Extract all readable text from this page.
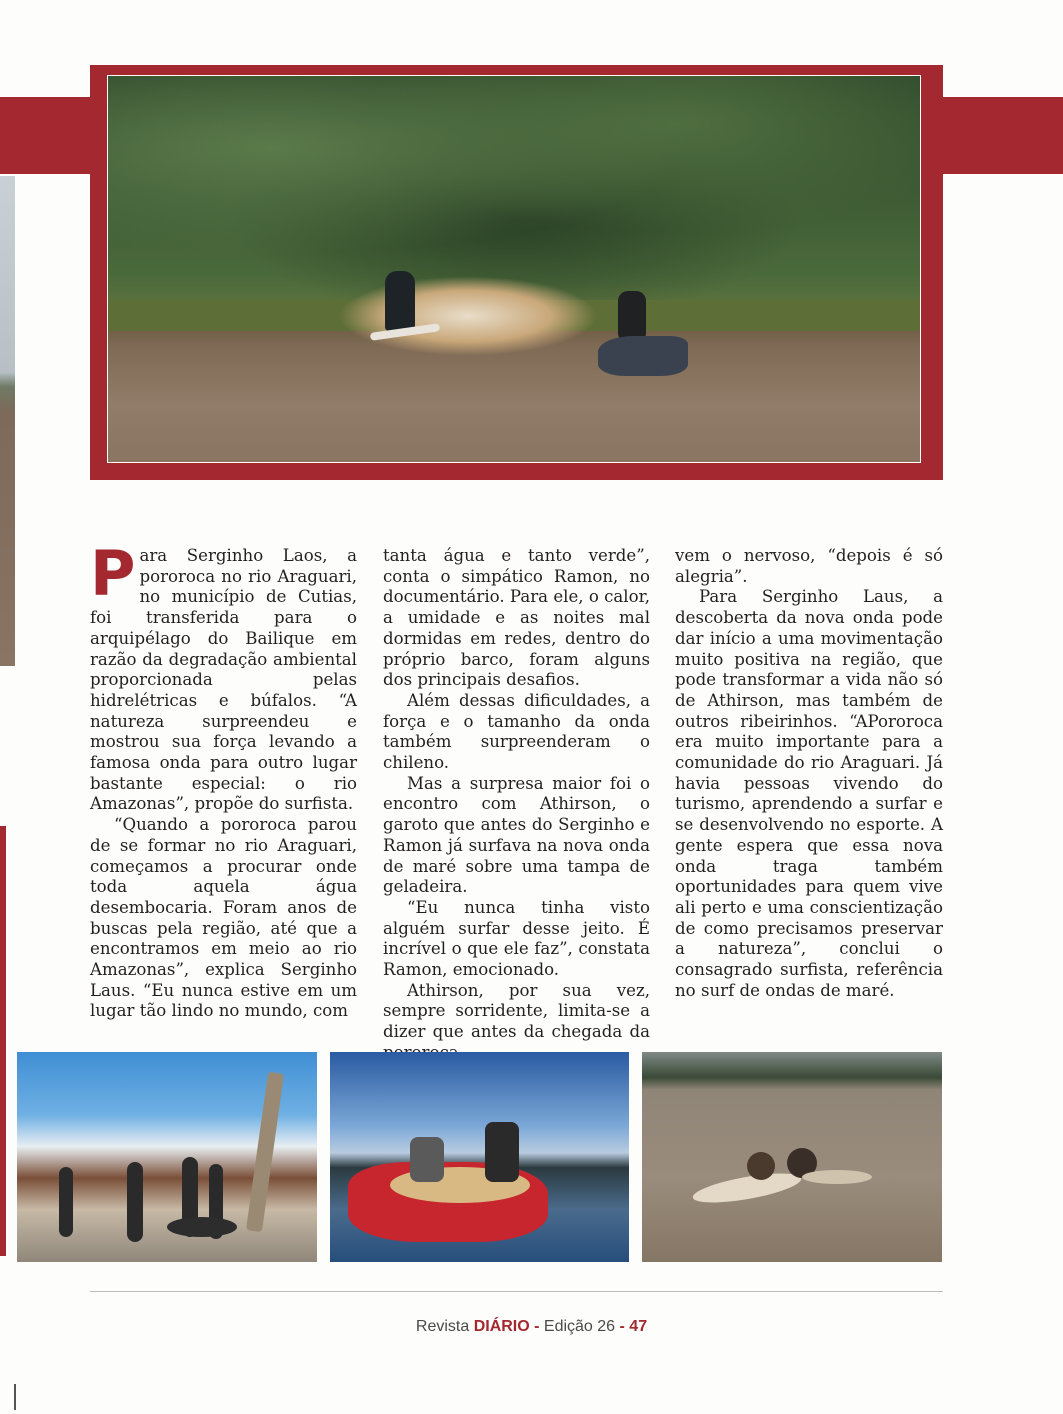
Para Serginho Laos, a pororoca no rio Araguari, no município de Cutias, foi transferida para o arquipélago do Bailique em razão da degradação ambiental proporcionada pelas hidrelétricas e búfalos. “A natureza surpreendeu e mostrou sua força levando a famosa onda para outro lugar bastante especial: o rio Amazonas”, propõe do surfista.

“Quando a pororoca parou de se formar no rio Araguari, começamos a procurar onde toda aquela água desembocaria. Foram anos de buscas pela região, até que a encontramos em meio ao rio Amazonas”, explica Serginho Laus. “Eu nunca estive em um lugar tão lindo no mundo, com

tanta água e tanto verde”, conta o simpático Ramon, no documentário. Para ele, o calor, a umidade e as noites mal dormidas em redes, dentro do próprio barco, foram alguns dos principais desafios.

Além dessas dificuldades, a força e o tamanho da onda também surpreenderam o chileno.

Mas a surpresa maior foi o encontro com Athirson, o garoto que antes do Serginho e Ramon já surfava na nova onda de maré sobre uma tampa de geladeira.

“Eu nunca tinha visto alguém surfar desse jeito. É incrível o que ele faz”, constata Ramon, emocionado.

Athirson, por sua vez, sempre sorridente, limita-se a dizer que antes da chegada da

vem o nervoso, “depois é só alegria”.

Para Serginho Laus, a descoberta da nova onda pode dar início a uma movimentação muito positiva na região, que pode transformar a vida não só de Athirson, mas também de outros ribeirinhos. “APororoca era muito importante para a comunidade do rio Araguari. Já havia pessoas vivendo do turismo, aprendendo a surfar e se desenvolvendo no esporte. A gente espera que essa nova onda traga também oportunidades para quem vive ali perto e uma conscientização de como precisamos preservar a natureza”, conclui o consagrado surfista, referência no surf de ondas de maré.

Revista DIÁRIO - Edição 26 - 47
